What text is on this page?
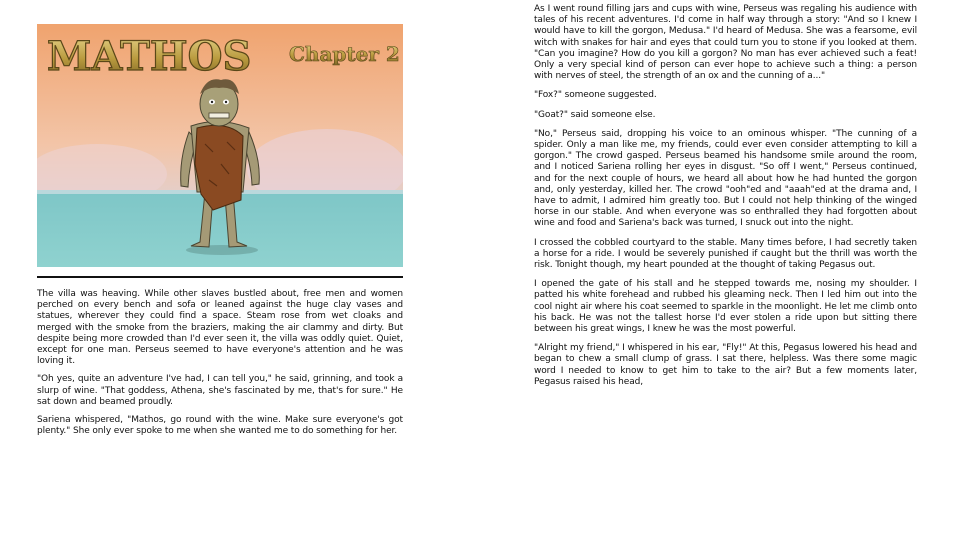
MATHOS Chapter 2

The villa was heaving. While other slaves bustled about, free men and women perched on every bench and sofa or leaned against the huge clay vases and statues, wherever they could find a space. Steam rose from wet cloaks and merged with the smoke from the braziers, making the air clammy and dirty. But despite being more crowded than I'd ever seen it, the villa was oddly quiet. Quiet, except for one man. Perseus seemed to have everyone's attention and he was loving it.

"Oh yes, quite an adventure I've had, I can tell you," he said, grinning, and took a slurp of wine. "That goddess, Athena, she's fascinated by me, that's for sure." He sat down and beamed proudly.

Sariena whispered, "Mathos, go round with the wine. Make sure everyone's got plenty." She only ever spoke to me when she wanted me to do something for her.

As I went round filling jars and cups with wine, Perseus was regaling his audience with tales of his recent adventures. I'd come in half way through a story: "And so I knew I would have to kill the gorgon, Medusa." I'd heard of Medusa. She was a fearsome, evil witch with snakes for hair and eyes that could turn you to stone if you looked at them. "Can you imagine? How do you kill a gorgon? No man has ever achieved such a feat! Only a very special kind of person can ever hope to achieve such a thing: a person with nerves of steel, the strength of an ox and the cunning of a..."

"Fox?" someone suggested.

"Goat?" said someone else.

"No," Perseus said, dropping his voice to an ominous whisper. "The cunning of a spider. Only a man like me, my friends, could ever even consider attempting to kill a gorgon." The crowd gasped. Perseus beamed his handsome smile around the room, and I noticed Sariena rolling her eyes in disgust. "So off I went," Perseus continued, and for the next couple of hours, we heard all about how he had hunted the gorgon and, only yesterday, killed her. The crowd "ooh"ed and "aaah"ed at the drama and, I have to admit, I admired him greatly too. But I could not help thinking of the winged horse in our stable. And when everyone was so enthralled they had forgotten about wine and food and Sariena's back was turned, I snuck out into the night.

I crossed the cobbled courtyard to the stable. Many times before, I had secretly taken a horse for a ride. I would be severely punished if caught but the thrill was worth the risk. Tonight though, my heart pounded at the thought of taking Pegasus out.

I opened the gate of his stall and he stepped towards me, nosing my shoulder. I patted his white forehead and rubbed his gleaming neck. Then I led him out into the cool night air where his coat seemed to sparkle in the moonlight. He let me climb onto his back. He was not the tallest horse I'd ever stolen a ride upon but sitting there between his great wings, I knew he was the most powerful.

"Alright my friend," I whispered in his ear, "Fly!" At this, Pegasus lowered his head and began to chew a small clump of grass. I sat there, helpless. Was there some magic word I needed to know to get him to take to the air? But a few moments later, Pegasus raised his head,
